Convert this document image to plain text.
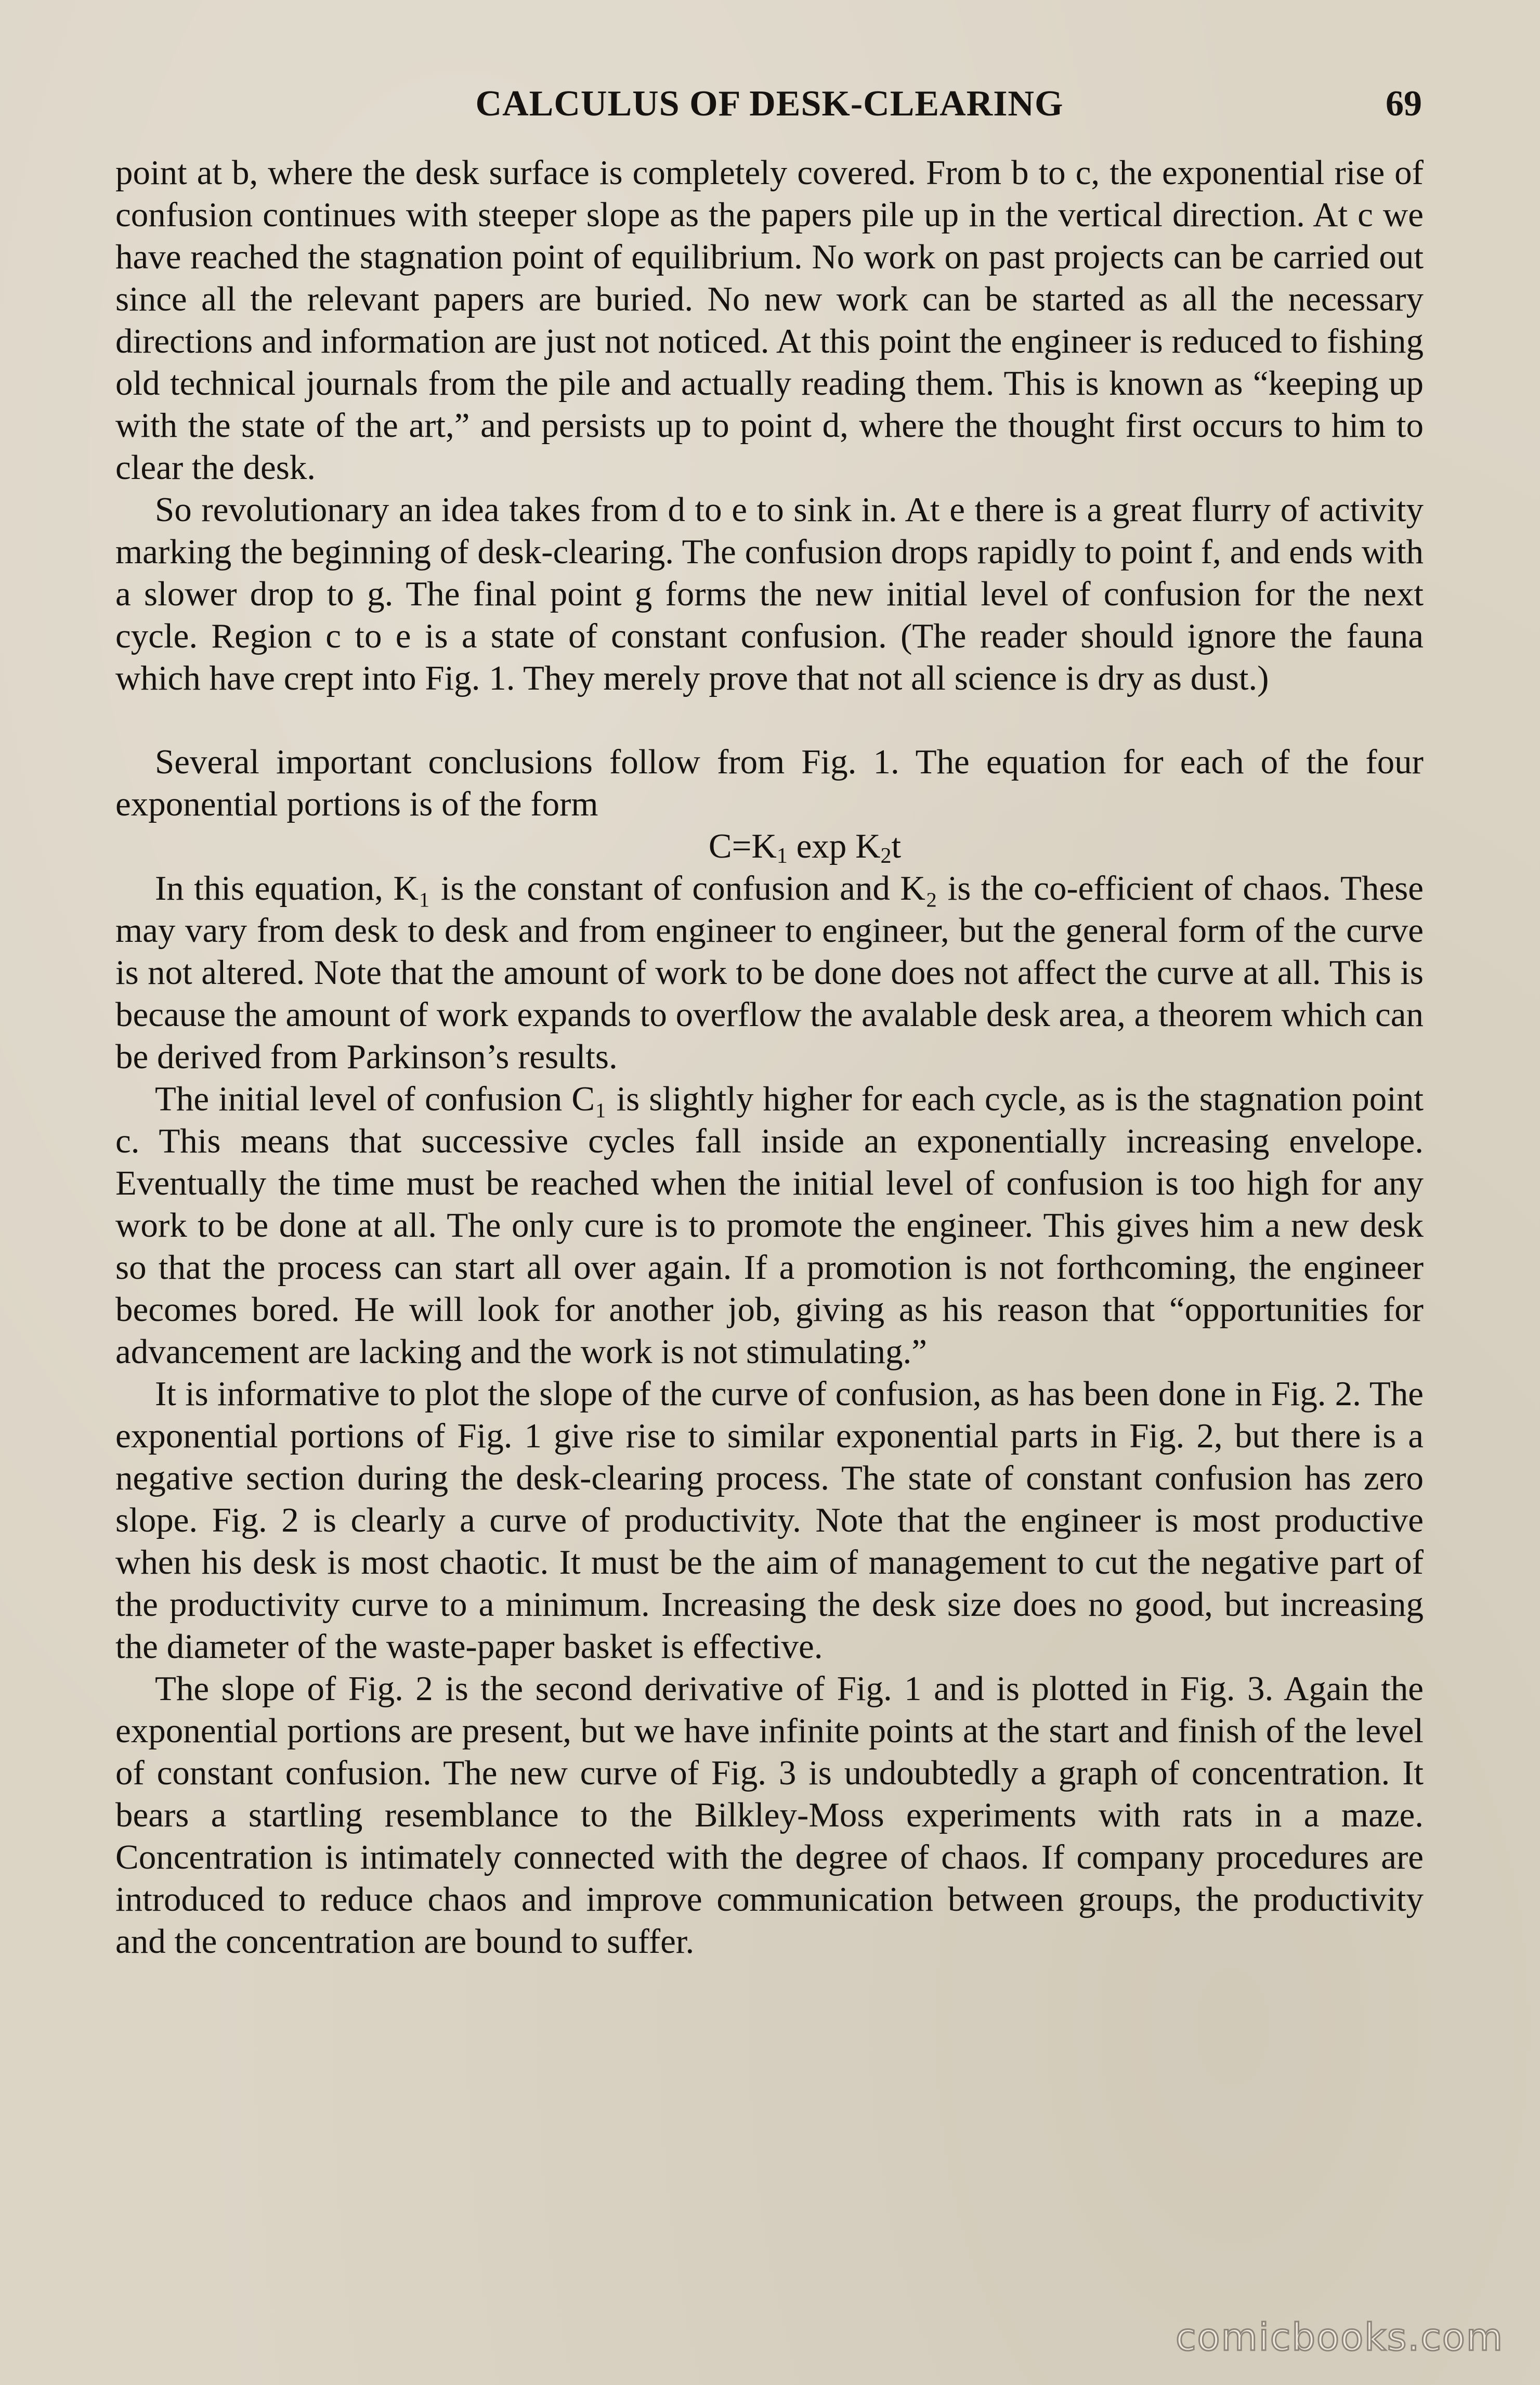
CALCULUS OF DESK-CLEARING	69

point at b, where the desk surface is completely covered. From b to c, the exponential rise of confusion continues with steeper slope as the papers pile up in the vertical direction. At c we have reached the stagnation point of equilibrium. No work on past projects can be carried out since all the relevant papers are buried. No new work can be started as all the necessary directions and information are just not noticed. At this point the engineer is reduced to fishing old technical journals from the pile and actually reading them. This is known as “keeping up with the state of the art,” and persists up to point d, where the thought first occurs to him to clear the desk.

So revolutionary an idea takes from d to e to sink in. At e there is a great flurry of activity marking the beginning of desk-clearing. The confusion drops rapidly to point f, and ends with a slower drop to g. The final point g forms the new initial level of confusion for the next cycle. Region c to e is a state of constant confusion. (The reader should ignore the fauna which have crept into Fig. 1. They merely prove that not all science is dry as dust.)

Several important conclusions follow from Fig. 1. The equation for each of the four exponential portions is of the form

$C=K_1$ $\exp K_2t$

In this equation, K₁ is the constant of confusion and K₂ is the co-efficient of chaos. These may vary from desk to desk and from engineer to engineer, but the general form of the curve is not altered. Note that the amount of work to be done does not affect the curve at all. This is because the amount of work expands to overflow the avalable desk area, a theorem which can be derived from Parkinson’s results.

The initial level of confusion C₁ is slightly higher for each cycle, as is the stagnation point c. This means that successive cycles fall inside an exponentially increasing envelope. Eventually the time must be reached when the initial level of confusion is too high for any work to be done at all. The only cure is to promote the engineer. This gives him a new desk so that the process can start all over again. If a promotion is not forthcoming, the engineer becomes bored. He will look for another job, giving as his reason that “opportunities for advancement are lacking and the work is not stimulating.”

It is informative to plot the slope of the curve of confusion, as has been done in Fig. 2. The exponential portions of Fig. 1 give rise to similar exponential parts in Fig. 2, but there is a negative section during the desk-clearing process. The state of constant confusion has zero slope. Fig. 2 is clearly a curve of productivity. Note that the engineer is most productive when his desk is most chaotic. It must be the aim of management to cut the negative part of the productivity curve to a minimum. Increasing the desk size does no good, but increasing the diameter of the waste-paper basket is effective.

The slope of Fig. 2 is the second derivative of Fig. 1 and is plotted in Fig. 3. Again the exponential portions are present, but we have infinite points at the start and finish of the level of constant confusion. The new curve of Fig. 3 is undoubtedly a graph of concentration. It bears a startling resemblance to the Bilkley-Moss experiments with rats in a maze. Concentration is intimately connected with the degree of chaos. If company procedures are introduced to reduce chaos and improve communication between groups, the productivity and the concentration are bound to suffer.

comicbooks.com
